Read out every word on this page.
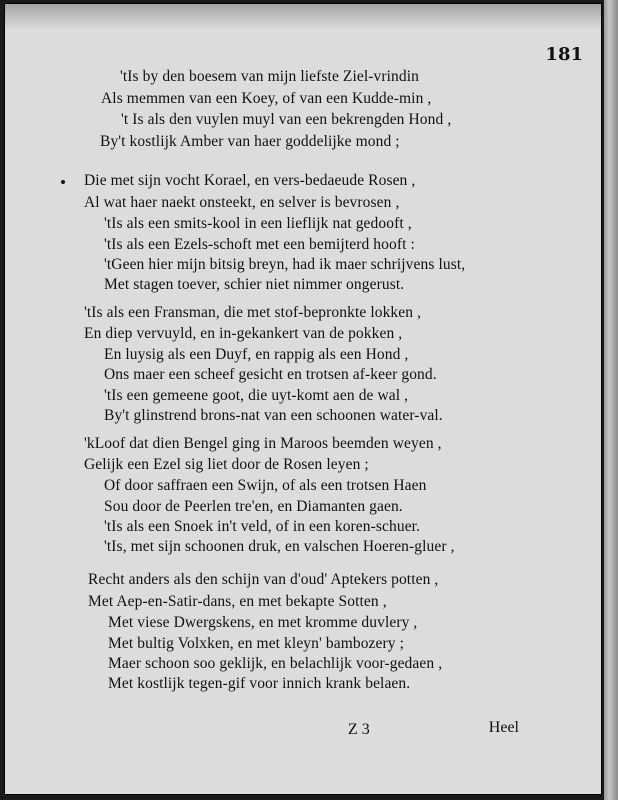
181
'tIs by den boesem van mijn liefste Ziel-vrindin
Als memmen van een Koey, of van een Kudde-min ,
't Is als den vuylen muyl van een bekrengden Hond ,
By't kostlijk Amber van haer goddelijke mond ;
Die met sijn vocht Korael, en vers-bedaeude Rosen ,
Al wat haer naekt onsteekt, en selver is bevrosen ,
'tIs als een smits-kool in een lieflijk nat gedooft ,
'tIs als een Ezels-schoft met een bemijterd hooft :
'tGeen hier mijn bitsig breyn, had ik maer schrijvens lust,
Met stagen toever, schier niet nimmer ongerust.
'tIs als een Fransman, die met stof-bepronkte lokken ,
En diep vervuyld, en in-gekankert van de pokken ,
En luysig als een Duyf, en rappig als een Hond ,
Ons maer een scheef gesicht en trotsen af-keer gond.
'tIs een gemeene goot, die uyt-komt aen de wal ,
By't glinstrend brons-nat van een schoonen water-val.
'kLoof dat dien Bengel ging in Maroos beemden weyen ,
Gelijk een Ezel sig liet door de Rosen leyen ;
Of door saffraen een Swijn, of als een trotsen Haen
Sou door de Peerlen tre'en, en Diamanten gaen.
'tIs als een Snoek in't veld, of in een koren-schuer.
'tIs, met sijn schoonen druk, en valschen Hoeren-gluer ,
Recht anders als den schijn van d'oud' Aptekers potten ,
Met Aep-en-Satir-dans, en met bekapte Sotten ,
Met viese Dwergskens, en met kromme duvlery ,
Met bultig Volxken, en met kleyn' bambozery ;
Maer schoon soo geklijk, en belachlijk voor-gedaen ,
Met kostlijk tegen-gif voor innich krank belaen.
Z 3	Heel
